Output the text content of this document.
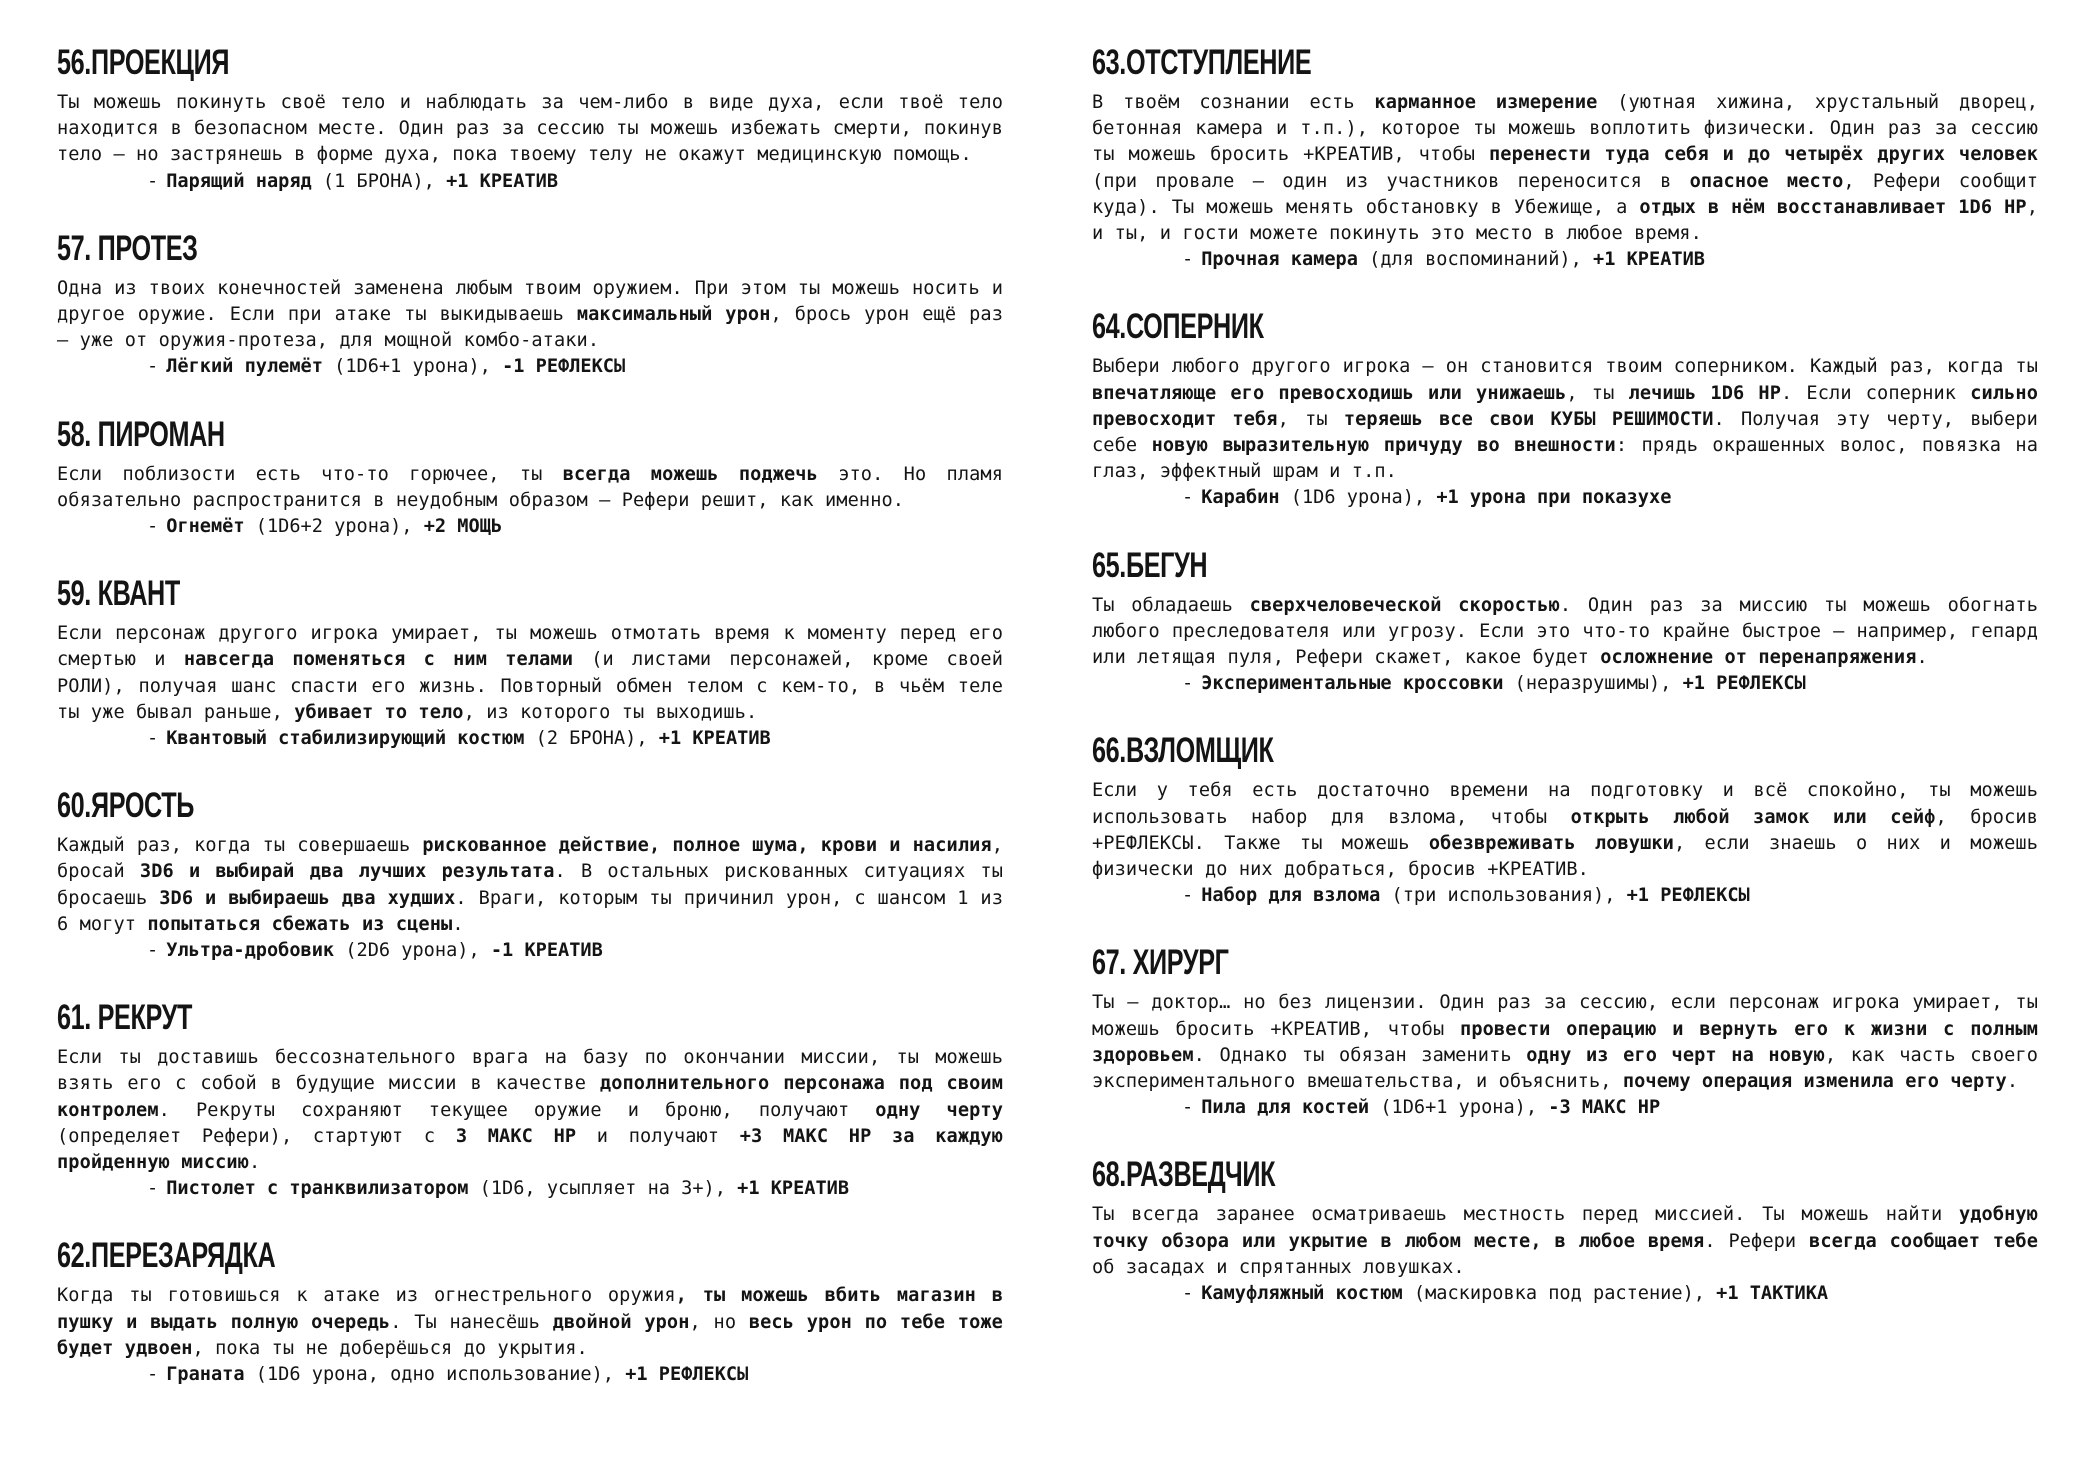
56.ПРОЕКЦИЯ

Ты можешь покинуть своё тело и наблюдать за чем-либо в виде духа, если твоё тело находится в безопасном месте. Один раз за сессию ты можешь избежать смерти, покинув тело – но застрянешь в форме духа, пока твоему телу не окажут медицинскую помощь.

- Парящий наряд (1 БРОНА), +1 КРЕАТИВ

57. ПРОТЕЗ

Одна из твоих конечностей заменена любым твоим оружием. При этом ты можешь носить и другое оружие. Если при атаке ты выкидываешь максимальный урон, брось урон ещё раз – уже от оружия-протеза, для мощной комбо-атаки.

- Лёгкий пулемёт (1D6+1 урона), -1 РЕФЛЕКСЫ

58. ПИРОМАН

Если поблизости есть что-то горючее, ты всегда можешь поджечь это. Но пламя обязательно распространится в неудобным образом – Рефери решит, как именно.

- Огнемёт (1D6+2 урона), +2 МОЩЬ

59. КВАНТ

Если персонаж другого игрока умирает, ты можешь отмотать время к моменту перед его смертью и навсегда поменяться с ним телами (и листами персонажей, кроме своей РОЛИ), получая шанс спасти его жизнь. Повторный обмен телом с кем-то, в чьём теле ты уже бывал раньше, убивает то тело, из которого ты выходишь.

- Квантовый стабилизирующий костюм (2 БРОНА), +1 КРЕАТИВ

60.ЯРОСТЬ

Каждый раз, когда ты совершаешь рискованное действие, полное шума, крови и насилия, бросай 3D6 и выбирай два лучших результата. В остальных рискованных ситуациях ты бросаешь 3D6 и выбираешь два худших. Враги, которым ты причинил урон, с шансом 1 из 6 могут попытаться сбежать из сцены.

- Ультра-дробовик (2D6 урона), -1 КРЕАТИВ

61. РЕКРУТ

Если ты доставишь бессознательного врага на базу по окончании миссии, ты можешь взять его с собой в будущие миссии в качестве дополнительного персонажа под своим контролем. Рекруты сохраняют текущее оружие и броню, получают одну черту (определяет Рефери), стартуют с 3 МАКС НР и получают +3 МАКС НР за каждую пройденную миссию.

- Пистолет с транквилизатором (1D6, усыпляет на 3+), +1 КРЕАТИВ

62.ПЕРЕЗАРЯДКА

Когда ты готовишься к атаке из огнестрельного оружия, ты можешь вбить магазин в пушку и выдать полную очередь. Ты нанесёшь двойной урон, но весь урон по тебе тоже будет удвоен, пока ты не доберёшься до укрытия.

- Граната (1D6 урона, одно использование), +1 РЕФЛЕКСЫ

63.ОТСТУПЛЕНИЕ

В твоём сознании есть карманное измерение (уютная хижина, хрустальный дворец, бетонная камера и т.п.), которое ты можешь воплотить физически. Один раз за сессию ты можешь бросить +КРЕАТИВ, чтобы перенести туда себя и до четырёх других человек (при провале – один из участников переносится в опасное место, Рефери сообщит куда). Ты можешь менять обстановку в Убежище, а отдых в нём восстанавливает 1D6 НР, и ты, и гости можете покинуть это место в любое время.

- Прочная камера (для воспоминаний), +1 КРЕАТИВ

64.СОПЕРНИК

Выбери любого другого игрока – он становится твоим соперником. Каждый раз, когда ты впечатляюще его превосходишь или унижаешь, ты лечишь 1D6 НР. Если соперник сильно превосходит тебя, ты теряешь все свои КУБЫ РЕШИМОСТИ. Получая эту черту, выбери себе новую выразительную причуду во внешности: прядь окрашенных волос, повязка на глаз, эффектный шрам и т.п.

- Карабин (1D6 урона), +1 урона при показухе

65.БЕГУН

Ты обладаешь сверхчеловеческой скоростью. Один раз за миссию ты можешь обогнать любого преследователя или угрозу. Если это что-то крайне быстрое – например, гепард или летящая пуля, Рефери скажет, какое будет осложнение от перенапряжения.

- Экспериментальные кроссовки (неразрушимы), +1 РЕФЛЕКСЫ

66.ВЗЛОМЩИК

Если у тебя есть достаточно времени на подготовку и всё спокойно, ты можешь использовать набор для взлома, чтобы открыть любой замок или сейф, бросив +РЕФЛЕКСЫ. Также ты можешь обезвреживать ловушки, если знаешь о них и можешь физически до них добраться, бросив +КРЕАТИВ.

- Набор для взлома (три использования), +1 РЕФЛЕКСЫ

67. ХИРУРГ

Ты – доктор… но без лицензии. Один раз за сессию, если персонаж игрока умирает, ты можешь бросить +КРЕАТИВ, чтобы провести операцию и вернуть его к жизни с полным здоровьем. Однако ты обязан заменить одну из его черт на новую, как часть своего экспериментального вмешательства, и объяснить, почему операция изменила его черту.

- Пила для костей (1D6+1 урона), -3 МАКС НР

68.РАЗВЕДЧИК

Ты всегда заранее осматриваешь местность перед миссией. Ты можешь найти удобную точку обзора или укрытие в любом месте, в любое время. Рефери всегда сообщает тебе об засадах и спрятанных ловушках.

- Камуфляжный костюм (маскировка под растение), +1 ТАКТИКА
